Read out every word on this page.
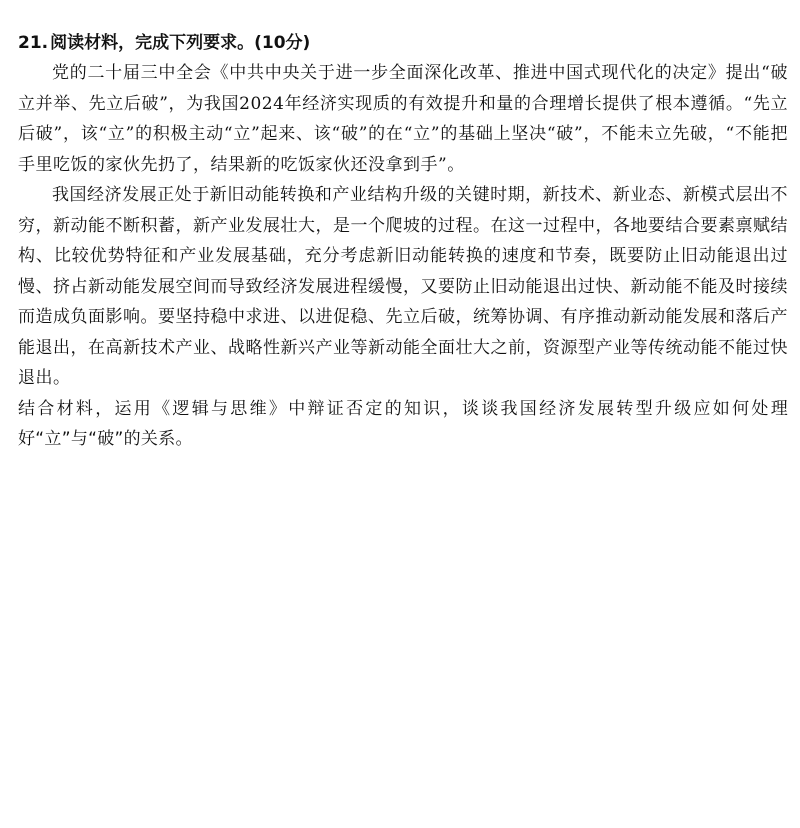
21. 阅读材料，完成下列要求。(10分)

党的二十届三中全会《中共中央关于进一步全面深化改革、推进中国式现代化的决定》提出“破立并举、先立后破”，为我国2024年经济实现质的有效提升和量的合理增长提供了根本遵循。“先立后破”，该“立”的积极主动“立”起来、该“破”的在“立”的基础上坚决“破”，不能未立先破，“不能把手里吃饭的家伙先扔了，结果新的吃饭家伙还没拿到手”。

我国经济发展正处于新旧动能转换和产业结构升级的关键时期，新技术、新业态、新模式层出不穷，新动能不断积蓄，新产业发展壮大，是一个爬坡的过程。在这一过程中，各地要结合要素禀赋结构、比较优势特征和产业发展基础，充分考虑新旧动能转换的速度和节奏，既要防止旧动能退出过慢、挤占新动能发展空间而导致经济发展进程缓慢，又要防止旧动能退出过快、新动能不能及时接续而造成负面影响。要坚持稳中求进、以进促稳、先立后破，统筹协调、有序推动新动能发展和落后产能退出，在高新技术产业、战略性新兴产业等新动能全面壮大之前，资源型产业等传统动能不能过快退出。

结合材料，运用《逻辑与思维》中辩证否定的知识，谈谈我国经济发展转型升级应如何处理好“立”与“破”的关系。
